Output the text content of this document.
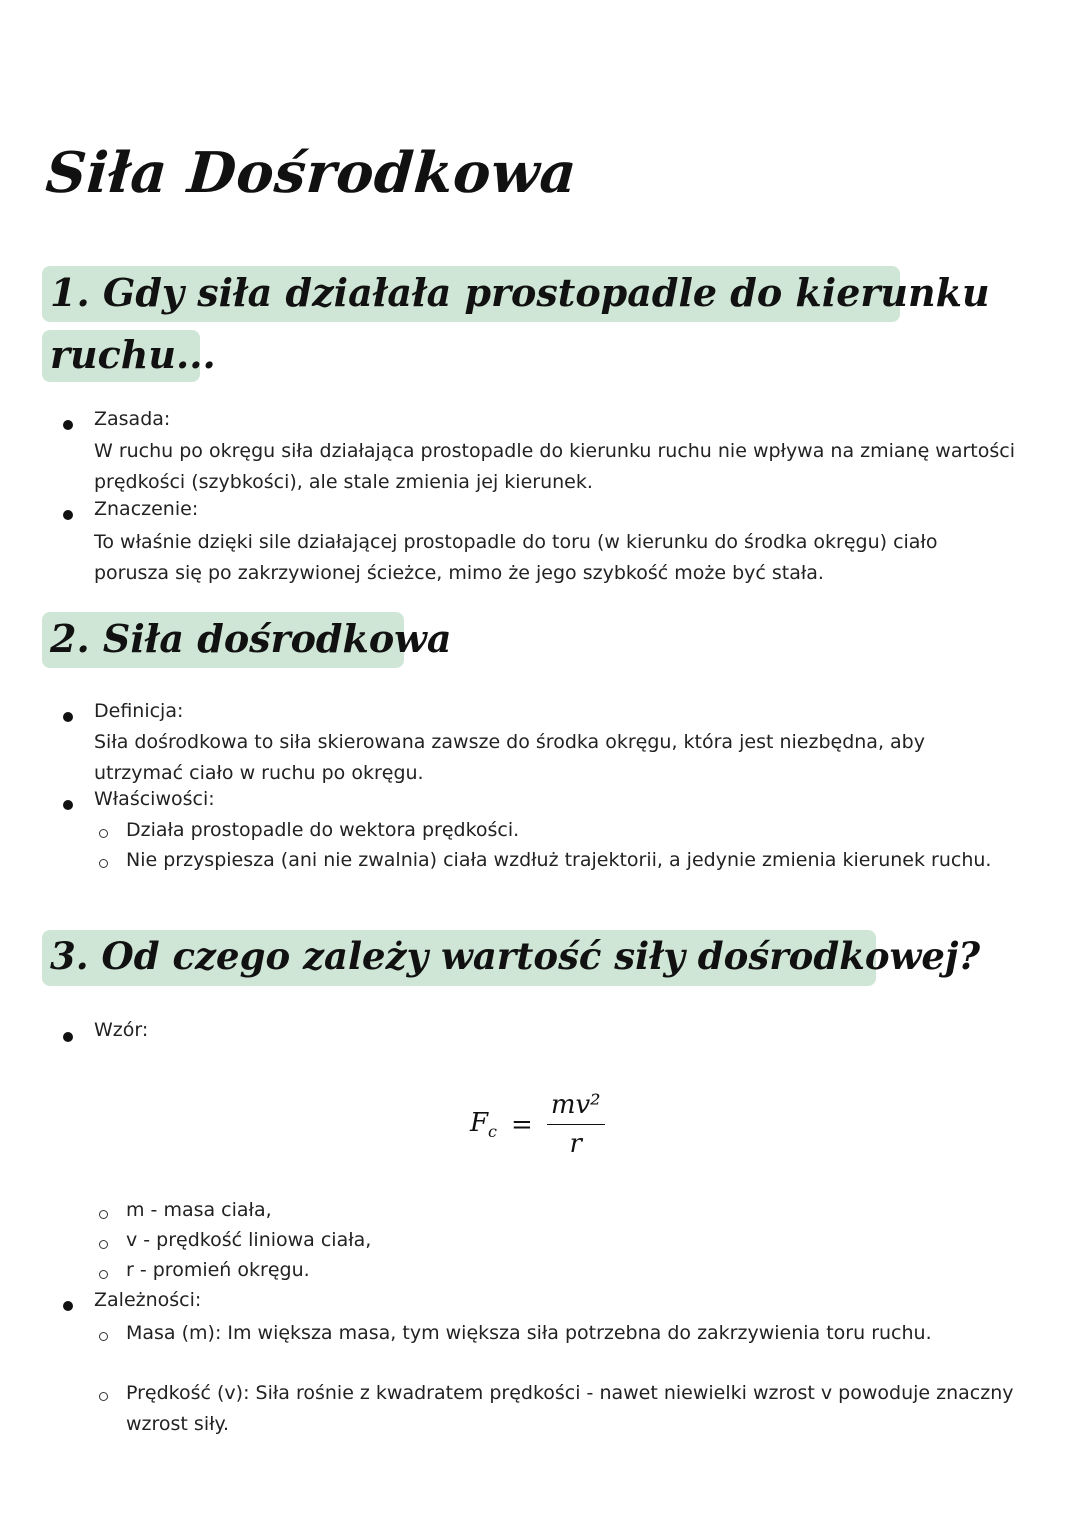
Siła Dośrodkowa
1. Gdy siła działała prostopadle do kierunku
ruchu...
Zasada:
W ruchu po okręgu siła działająca prostopadle do kierunku ruchu nie wpływa na zmianę wartości prędkości (szybkości), ale stale zmienia jej kierunek.
Znaczenie:
To właśnie dzięki sile działającej prostopadle do toru (w kierunku do środka okręgu) ciało porusza się po zakrzywionej ścieżce, mimo że jego szybkość może być stała.
2. Siła dośrodkowa
Definicja:
Siła dośrodkowa to siła skierowana zawsze do środka okręgu, która jest niezbędna, aby utrzymać ciało w ruchu po okręgu.
Właściwości:
Działa prostopadle do wektora prędkości.
Nie przyspiesza (ani nie zwalnia) ciała wzdłuż trajektorii, a jedynie zmienia kierunek ruchu.
3. Od czego zależy wartość siły dośrodkowej?
Wzór:
$F_c = \frac{\text{mv²}}{r}$
m - masa ciała,
v - prędkość liniowa ciała,
r - promień okręgu.
Zależności:
Masa (m): Im większa masa, tym większa siła potrzebna do zakrzywienia toru ruchu.
Prędkość (v): Siła rośnie z kwadratem prędkości - nawet niewielki wzrost v powoduje znaczny wzrost siły.
